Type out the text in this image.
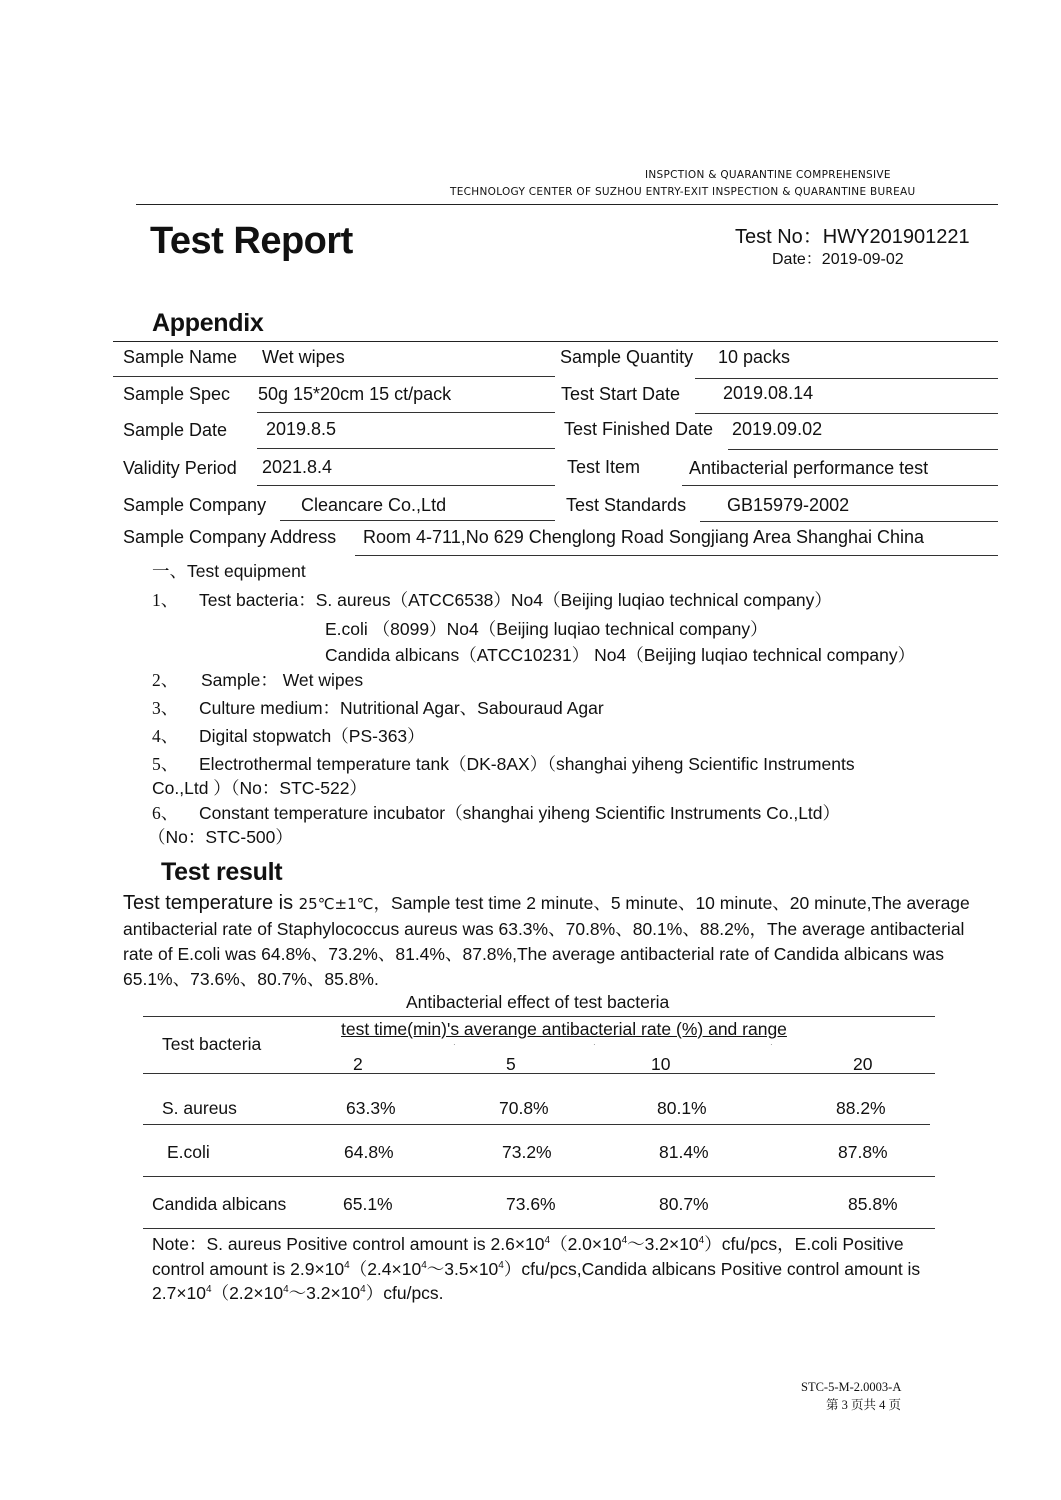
INSPCTION & QUARANTINE COMPREHENSIVE
TECHNOLOGY CENTER OF SUZHOU ENTRY-EXIT INSPECTION & QUARANTINE BUREAU
Test Report	Test No：HWY201901221
Date：2019-09-02
Appendix
Sample Name Wet wipes	Sample Quantity 10 packs
Sample Spec 50g 15*20cm 15 ct/pack	Test Start Date 2019.08.14
Sample Date 2019.8.5	Test Finished Date 2019.09.02
Validity Period 2021.8.4	Test Item	Antibacterial performance test
Sample Company Cleancare Co.,Ltd	Test Standards GB15979-2002
Sample Company Address Room 4-711,No 629 Chenglong Road Songjiang Area Shanghai China
一、Test equipment
1、 Test bacteria：S. aureus（ATCC6538）No4（Beijing luqiao technical company）
E.coli （8099）No4（Beijing luqiao technical company）
Candida albicans（ATCC10231） No4（Beijing luqiao technical company）
2、 Sample： Wet wipes
3、 Culture medium：Nutritional Agar、Sabouraud Agar
4、 Digital stopwatch（PS-363）
5、 Electrothermal temperature tank（DK-8AX）（shanghai yiheng Scientific Instruments
Co.,Ltd ）（No：STC-522）
6、 Constant temperature incubator（shanghai yiheng Scientific Instruments Co.,Ltd）
（No：STC-500）
Test result
Test temperature is 25℃±1℃，Sample test time 2 minute、5 minute、10 minute、20 minute,The average antibacterial rate of Staphylococcus aureus was 63.3%、70.8%、80.1%、88.2%，The average antibacterial rate of E.coli was 64.8%、73.2%、81.4%、87.8%,The average antibacterial rate of Candida albicans was 65.1%、73.6%、80.7%、85.8%.
Antibacterial effect of test bacteria
Test bacteria
test time(min)'s averange antibacterial rate (%) and range
·	·	·
2	5	10	20
S. aureus	63.3%	70.8%	80.1%	88.2%
E.coli	64.8%	73.2%	81.4%	87.8%
Candida albicans	65.1%	73.6%	80.7%	85.8%
Note：S. aureus Positive control amount is $2.6\times 10^4(2.0\times 10^4\sim 3.2\times 10^4)cfu$/pcs，E.coli Positive control amount is $2.9\times 10^4(2.4\times 10^4\sim 3.5\times 10^4)cfu/pcs,Candida$ albicans Positive control amount is $2.7\times 10^4(2.2\times 10^4\sim 3.2\times 10^4)cfu$/pcs.
STC-5-M-2.0003-A
第 3 页共 4 页
